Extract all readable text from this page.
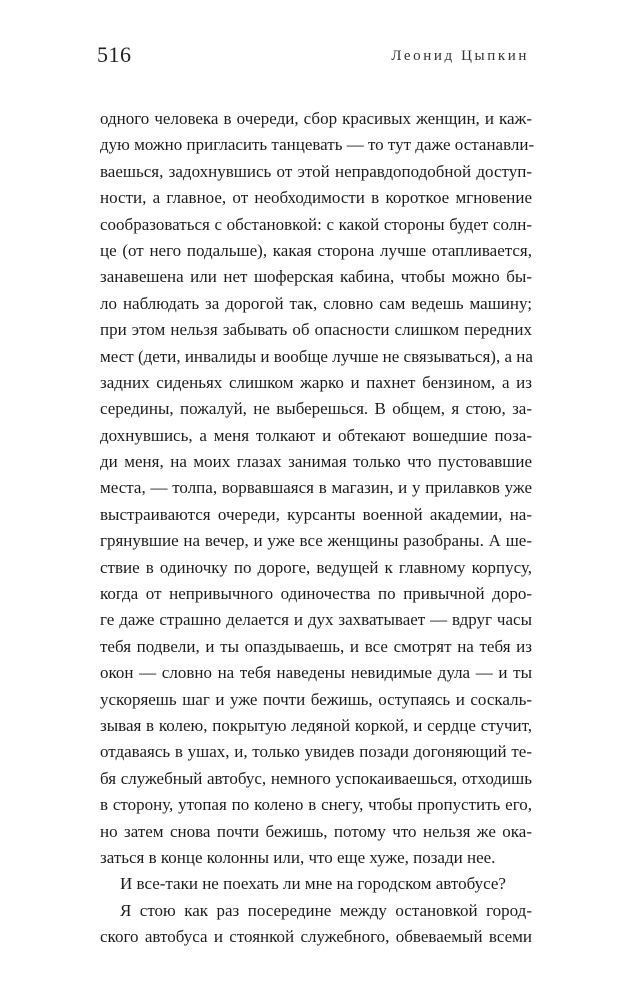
516	Леонид Цыпкин
одного человека в очереди, сбор красивых женщин, и каж-
дую можно пригласить танцевать — то тут даже останавли-
ваешься, задохнувшись от этой неправдоподобной доступ-
ности, а главное, от необходимости в короткое мгновение
сообразоваться с обстановкой: с какой стороны будет солн-
це (от него подальше), какая сторона лучше отапливается,
занавешена или нет шоферская кабина, чтобы можно бы-
ло наблюдать за дорогой так, словно сам ведешь машину;
при этом нельзя забывать об опасности слишком передних
мест (дети, инвалиды и вообще лучше не связываться), а на
задних сиденьях слишком жарко и пахнет бензином, а из
середины, пожалуй, не выберешься. В общем, я стою, за-
дохнувшись, а меня толкают и обтекают вошедшие поза-
ди меня, на моих глазах занимая только что пустовавшие
места, — толпа, ворвавшаяся в магазин, и у прилавков уже
выстраиваются очереди, курсанты военной академии, на-
грянувшие на вечер, и уже все женщины разобраны. А ше-
ствие в одиночку по дороге, ведущей к главному корпусу,
когда от непривычного одиночества по привычной доро-
ге даже страшно делается и дух захватывает — вдруг часы
тебя подвели, и ты опаздываешь, и все смотрят на тебя из
окон — словно на тебя наведены невидимые дула — и ты
ускоряешь шаг и уже почти бежишь, оступаясь и соскаль-
зывая в колею, покрытую ледяной коркой, и сердце стучит,
отдаваясь в ушах, и, только увидев позади догоняющий те-
бя служебный автобус, немного успокаиваешься, отходишь
в сторону, утопая по колено в снегу, чтобы пропустить его,
но затем снова почти бежишь, потому что нельзя же ока-
заться в конце колонны или, что еще хуже, позади нее.
И все-таки не поехать ли мне на городском автобусе?
Я стою как раз посередине между остановкой город-
ского автобуса и стоянкой служебного, обвеваемый всеми
